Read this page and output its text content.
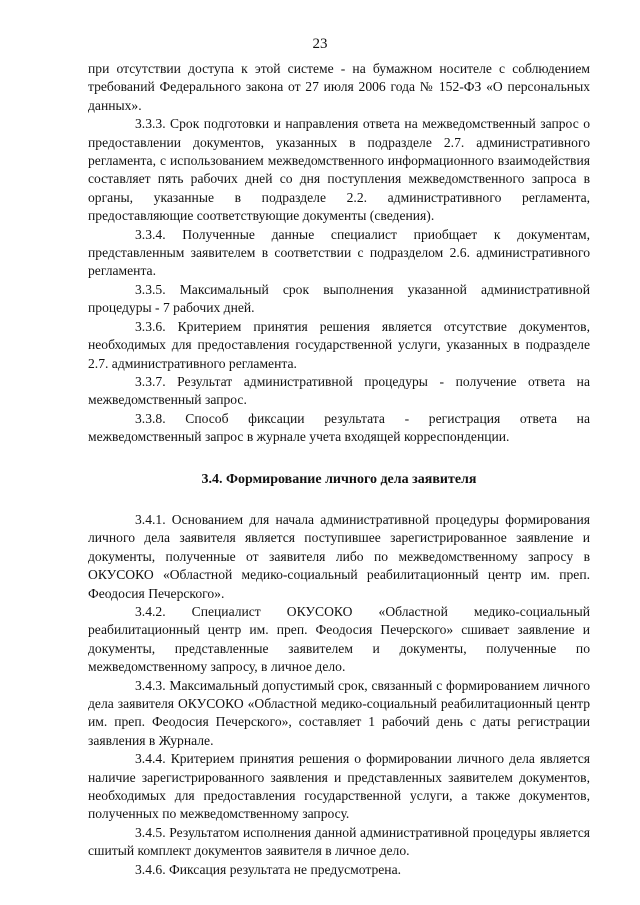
23

при отсутствии доступа к этой системе - на бумажном носителе с соблюдением требований Федерального закона от 27 июля 2006 года № 152-ФЗ «О персональных данных».

3.3.3. Срок подготовки и направления ответа на межведомственный запрос о предоставлении документов, указанных в подразделе 2.7. административного регламента, с использованием межведомственного информационного взаимодействия составляет пять рабочих дней со дня поступления межведомственного запроса в органы, указанные в подразделе 2.2. административного регламента, предоставляющие соответствующие документы (сведения).

3.3.4. Полученные данные специалист приобщает к документам, представленным заявителем в соответствии с подразделом 2.6. административного регламента.

3.3.5. Максимальный срок выполнения указанной административной процедуры - 7 рабочих дней.

3.3.6. Критерием принятия решения является отсутствие документов, необходимых для предоставления государственной услуги, указанных в подразделе 2.7. административного регламента.

3.3.7. Результат административной процедуры - получение ответа на межведомственный запрос.

3.3.8. Способ фиксации результата - регистрация ответа на межведомственный запрос в журнале учета входящей корреспонденции.

3.4. Формирование личного дела заявителя

3.4.1. Основанием для начала административной процедуры формирования личного дела заявителя является поступившее зарегистрированное заявление и документы, полученные от заявителя либо по межведомственному запросу в ОКУСОКО «Областной медико-социальный реабилитационный центр им. преп. Феодосия Печерского».

3.4.2. Специалист ОКУСОКО «Областной медико-социальный реабилитационный центр им. преп. Феодосия Печерского» сшивает заявление и документы, представленные заявителем и документы, полученные по межведомственному запросу, в личное дело.

3.4.3. Максимальный допустимый срок, связанный с формированием личного дела заявителя ОКУСОКО «Областной медико-социальный реабилитационный центр им. преп. Феодосия Печерского», составляет 1 рабочий день с даты регистрации заявления в Журнале.

3.4.4. Критерием принятия решения о формировании личного дела является наличие зарегистрированного заявления и представленных заявителем документов, необходимых для предоставления государственной услуги, а также документов, полученных по межведомственному запросу.

3.4.5. Результатом исполнения данной административной процедуры является сшитый комплект документов заявителя в личное дело.

3.4.6. Фиксация результата не предусмотрена.
